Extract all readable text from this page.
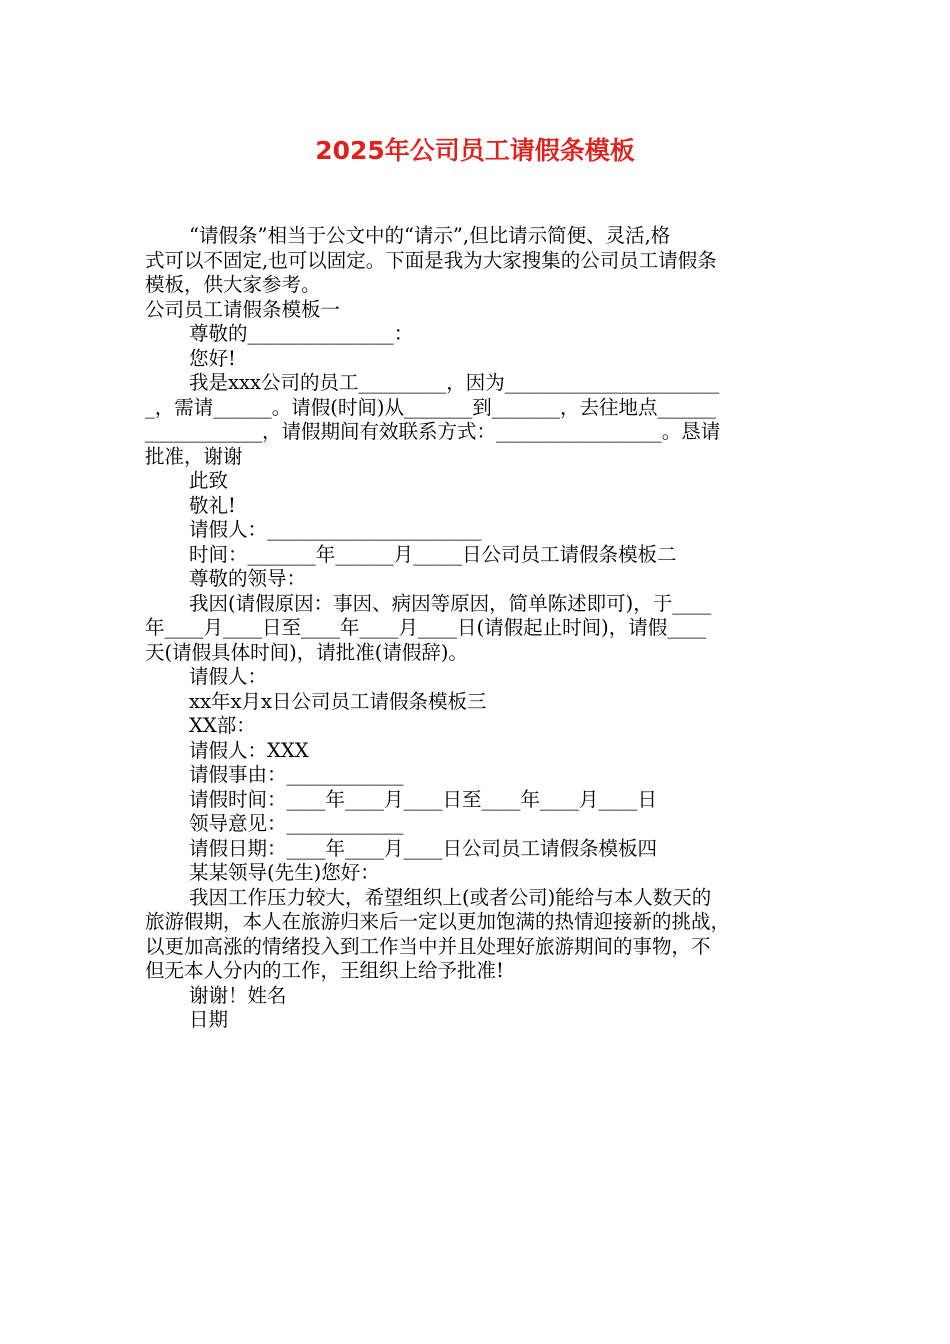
2025年公司员工请假条模板
“请假条”相当于公文中的“请示”,但比请示简便、灵活,格
式可以不固定,也可以固定。下面是我为大家搜集的公司员工请假条
模板，供大家参考。
公司员工请假条模板一
尊敬的_______________：
您好!
我是xxx公司的员工_________，因为______________________
_，需请______。请假(时间)从_______到_______，去往地点______
____________，请假期间有效联系方式：_________________。恳请
批准，谢谢
此致
敬礼!
请假人：______________________
时间：_______年______月_____日公司员工请假条模板二
尊敬的领导：
我因(请假原因：事因、病因等原因，简单陈述即可)，于____
年____月____日至____年____月____日(请假起止时间)，请假____
天(请假具体时间)，请批准(请假辞)。
请假人：
xx年x月x日公司员工请假条模板三
XX部：
请假人：XXX
请假事由：____________
请假时间：____年____月____日至____年____月____日
领导意见：____________
请假日期：____年____月____日公司员工请假条模板四
某某领导(先生)您好：
我因工作压力较大，希望组织上(或者公司)能给与本人数天的
旅游假期，本人在旅游归来后一定以更加饱满的热情迎接新的挑战，
以更加高涨的情绪投入到工作当中并且处理好旅游期间的事物，不
但无本人分内的工作，王组织上给予批准!
谢谢！姓名
日期
